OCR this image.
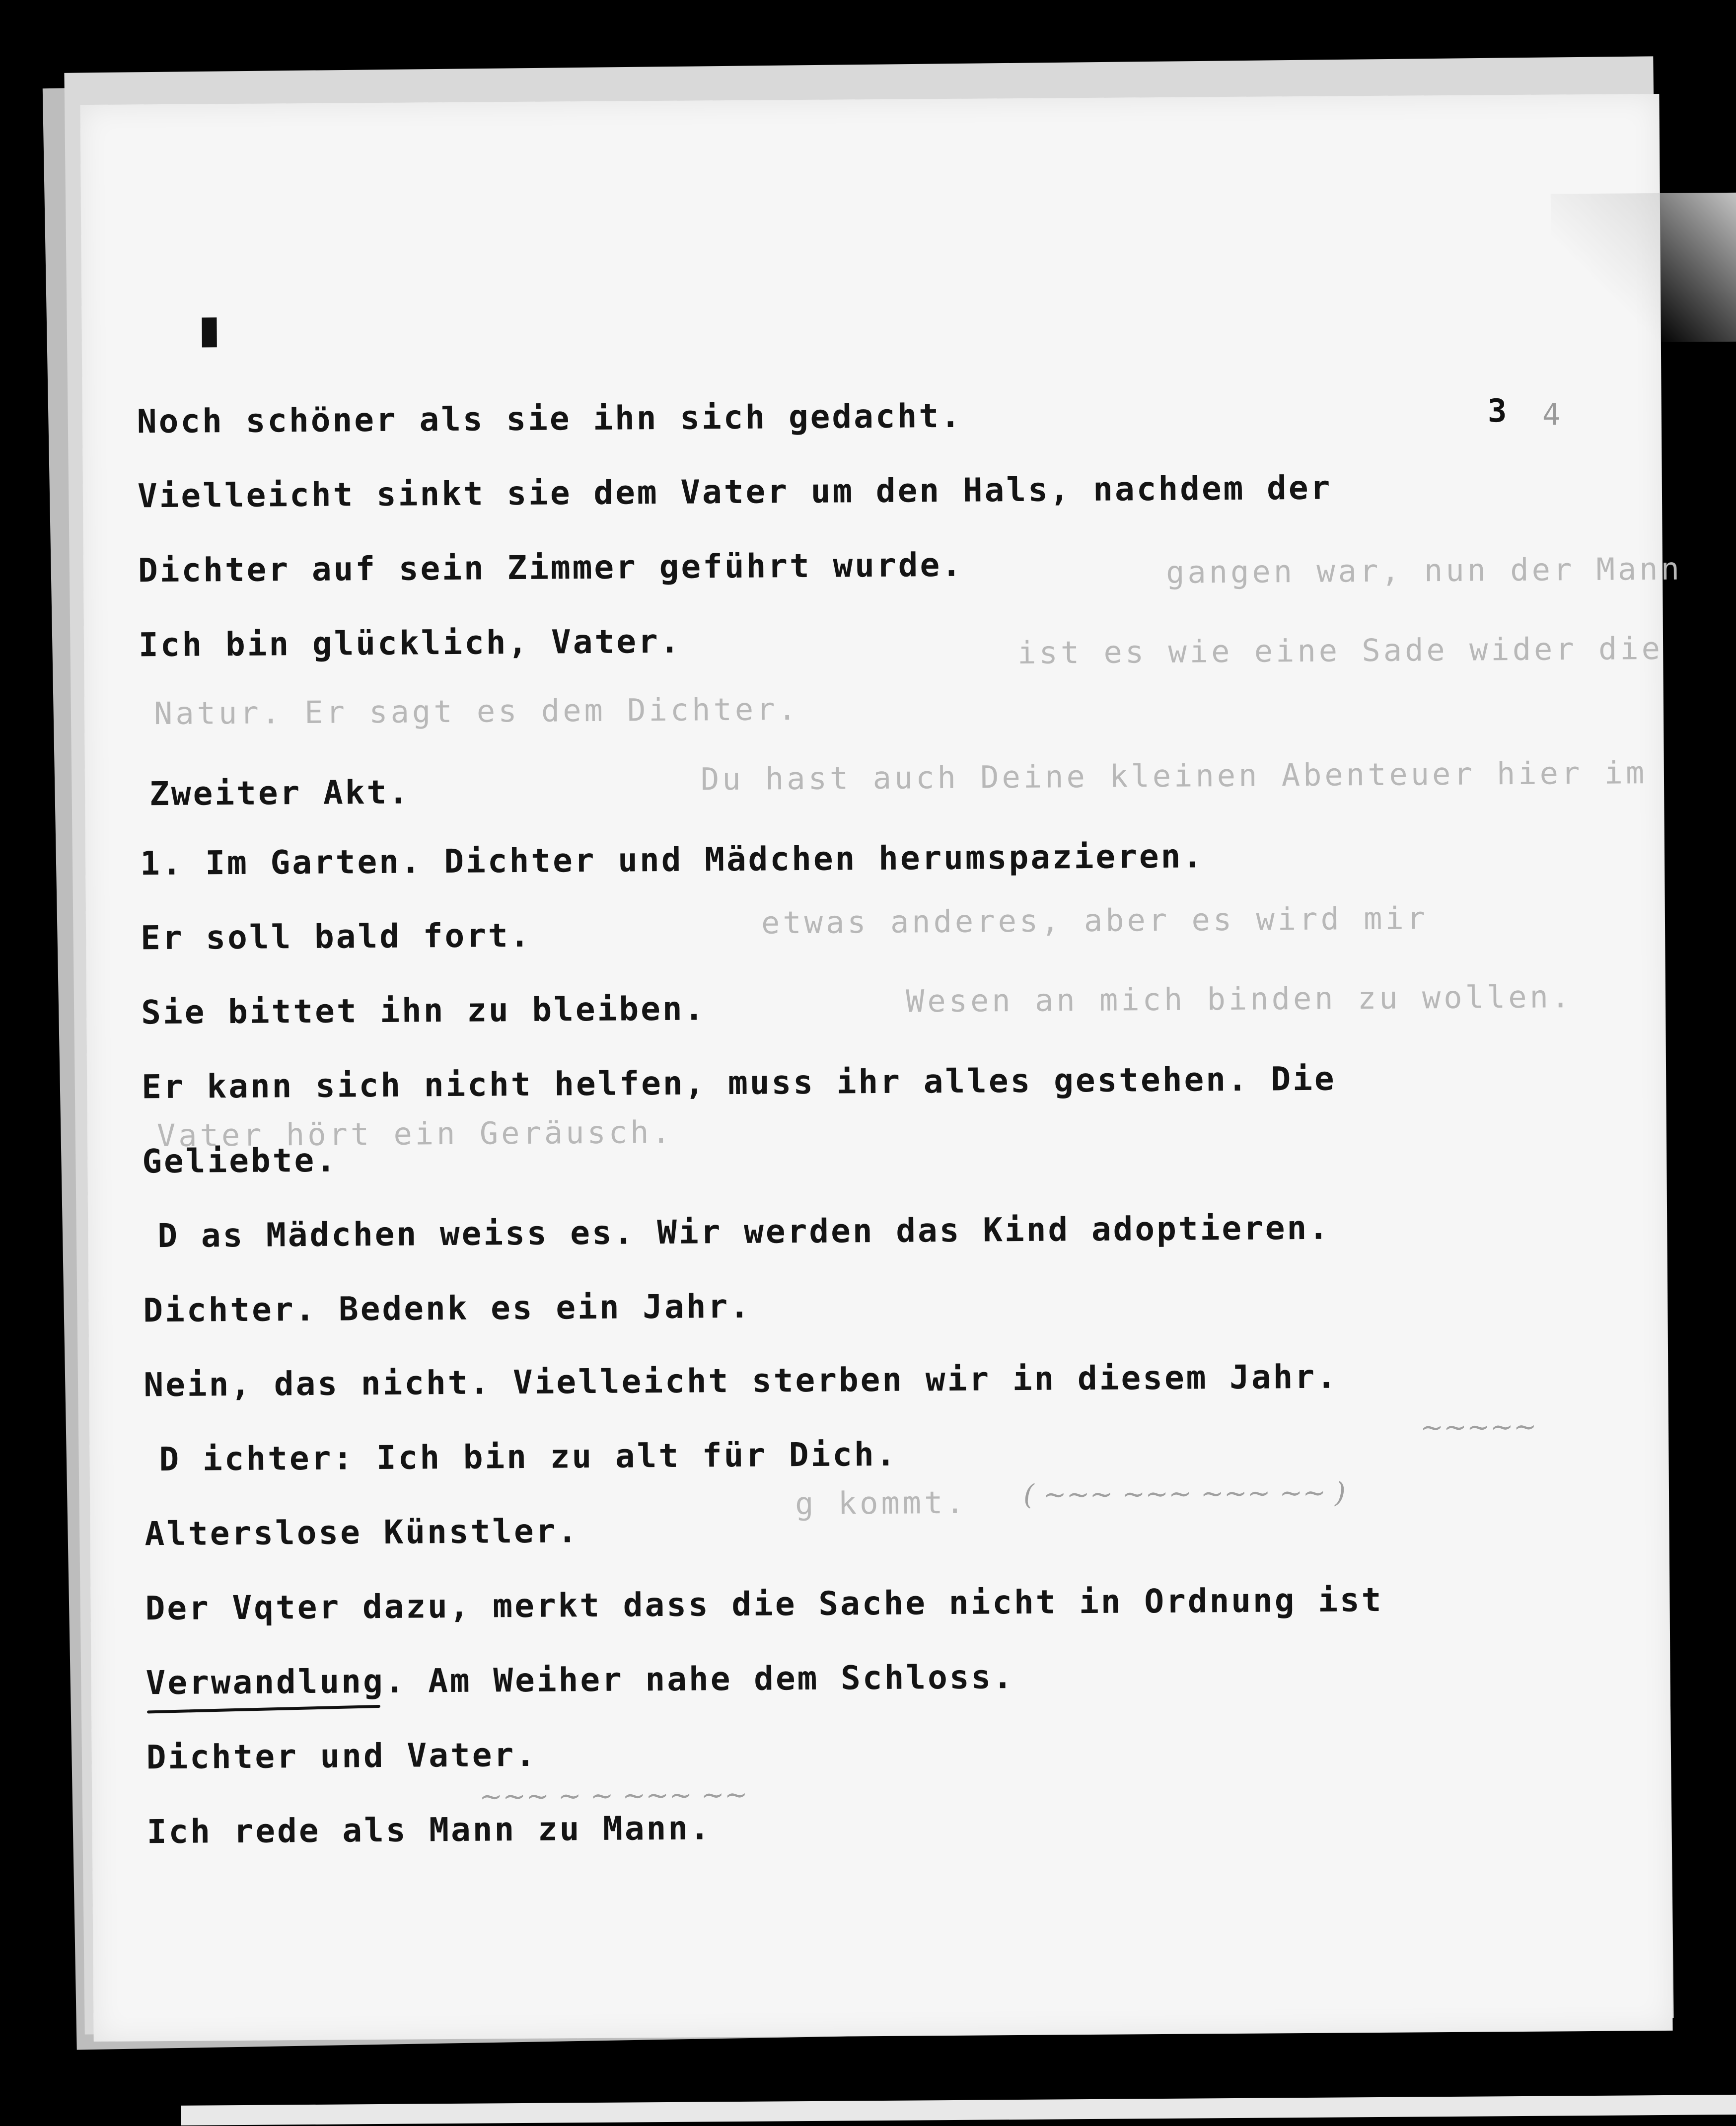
3 4
Natur. Er sagt es dem Dichter.
Du hast auch Deine kleinen Abenteuer hier im
etwas anderes, aber es wird mir
Wesen an mich binden zu wollen.
gangen war, nun der Mann
ist es wie eine Sade wider die
Vater hört ein Geräusch.
g kommt. ( ~~~ ~~~ ~~~ ~~ )
~~~~~
~~~ ~ ~ ~~~ ~~
Noch schöner als sie ihn sich gedacht.
Vielleicht sinkt sie dem Vater um den Hals, nachdem der
Dichter auf sein Zimmer geführt wurde.
Ich bin glücklich, Vater.
Zweiter Akt.
1. Im Garten. Dichter und Mädchen herumspazieren.
Er soll bald fort.
Sie bittet ihn zu bleiben.
Er kann sich nicht helfen, muss ihr alles gestehen. Die
Geliebte.
D as Mädchen weiss es. Wir werden das Kind adoptieren.
Dichter. Bedenk es ein Jahr.
Nein, das nicht. Vielleicht sterben wir in diesem Jahr.
D ichter: Ich bin zu alt für Dich.
Alterslose Künstler.
Der Vqter dazu, merkt dass die Sache nicht in Ordnung ist
Verwandlung. Am Weiher nahe dem Schloss.
Dichter und Vater.
Ich rede als Mann zu Mann.
